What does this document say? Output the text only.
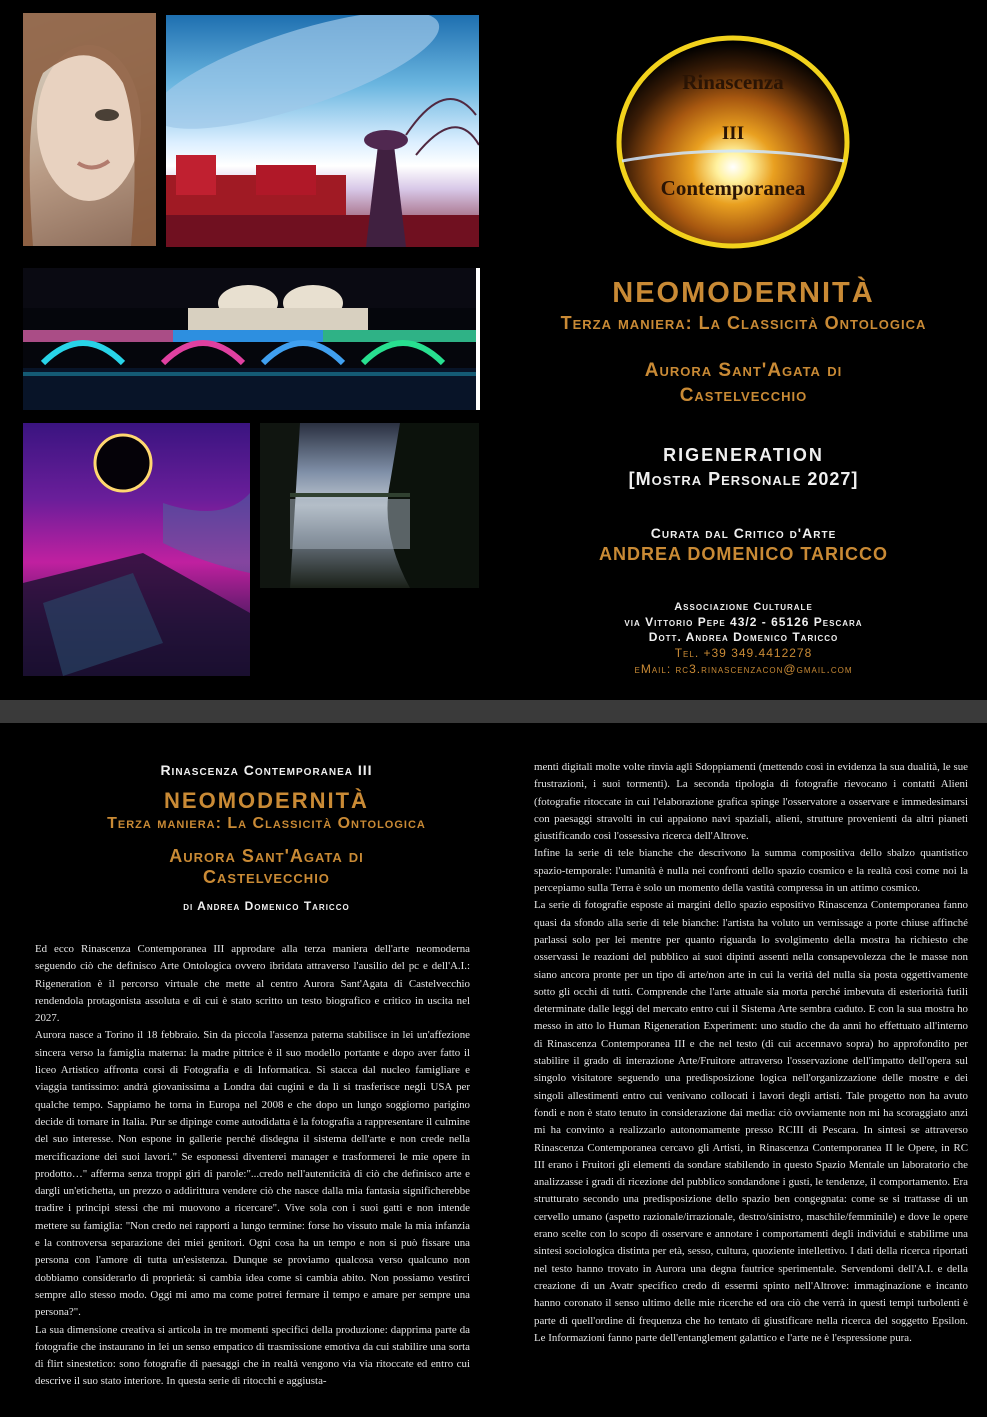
Rinascenza
III
Contemporanea
NEOMODERNITÀ
Terza maniera: La Classicità Ontologica
Aurora Sant'Agata di
Castelvecchio
RIGENERATION
[Mostra Personale 2027]
Curata dal Critico d'Arte
ANDREA DOMENICO TARICCO
Associazione Culturale
via Vittorio Pepe 43/2 - 65126 Pescara
Dott. Andrea Domenico Taricco
Tel. +39 349.4412278
eMail: rc3.rinascenzacon@gmail.com
Rinascenza Contemporanea III
NEOMODERNITÀ
Terza maniera: La Classicità Ontologica
Aurora Sant'Agata di
Castelvecchio
di Andrea Domenico Taricco

Ed ecco Rinascenza Contemporanea III approdare alla terza maniera dell'arte neomoderna seguendo ciò che definisco Arte Ontologica ovvero ibridata attraverso l'ausilio del pc e dell'A.I.: Rigeneration è il percorso virtuale che mette al centro Aurora Sant'Agata di Castelvecchio rendendola protagonista assoluta e di cui è stato scritto un testo biografico e critico in uscita nel 2027.

Aurora nasce a Torino il 18 febbraio. Sin da piccola l'assenza paterna stabilisce in lei un'affezione sincera verso la famiglia materna: la madre pittrice è il suo modello portante e dopo aver fatto il liceo Artistico affronta corsi di Fotografia e di Informatica. Si stacca dal nucleo famigliare e viaggia tantissimo: andrà giovanissima a Londra dai cugini e da lì si trasferisce negli USA per qualche tempo. Sappiamo he torna in Europa nel 2008 e che dopo un lungo soggiorno parigino decide di tornare in Italia. Pur se dipinge come autodidatta è la fotografia a rappresentare il culmine del suo interesse. Non espone in gallerie perché disdegna il sistema dell'arte e non crede nella mercificazione dei suoi lavori." Se esponessi diventerei manager e trasformerei le mie opere in prodotto…" afferma senza troppi giri di parole:"...credo nell'autenticità di ciò che definisco arte e dargli un'etichetta, un prezzo o addirittura vendere ciò che nasce dalla mia fantasia significherebbe tradire i principi stessi che mi muovono a ricercare". Vive sola con i suoi gatti e non intende mettere su famiglia: "Non credo nei rapporti a lungo termine: forse ho vissuto male la mia infanzia e la controversa separazione dei miei genitori. Ogni cosa ha un tempo e non si può fissare una persona con l'amore di tutta un'esistenza. Dunque se proviamo qualcosa verso qualcuno non dobbiamo considerarlo di proprietà: si cambia idea come si cambia abito. Non possiamo vestirci sempre allo stesso modo. Oggi mi amo ma come potrei fermare il tempo e amare per sempre una persona?".

La sua dimensione creativa si articola in tre momenti specifici della produzione: dapprima parte da fotografie che instaurano in lei un senso empatico di trasmissione emotiva da cui stabilire una sorta di flirt sinestetico: sono fotografie di paesaggi che in realtà vengono via via ritoccate ed entro cui descrive il suo stato interiore. In questa serie di ritocchi e aggiusta-

menti digitali molte volte rinvia agli Sdoppiamenti (mettendo così in evidenza la sua dualità, le sue frustrazioni, i suoi tormenti). La seconda tipologia di fotografie rievocano i contatti Alieni (fotografie ritoccate in cui l'elaborazione grafica spinge l'osservatore a osservare e immedesimarsi con paesaggi stravolti in cui appaiono navi spaziali, alieni, strutture provenienti da altri pianeti giustificando così l'ossessiva ricerca dell'Altrove.

Infine la serie di tele bianche che descrivono la summa compositiva dello sbalzo quantistico spazio-temporale: l'umanità è nulla nei confronti dello spazio cosmico e la realtà così come noi la percepiamo sulla Terra è solo un momento della vastità compressa in un attimo cosmico.

La serie di fotografie esposte ai margini dello spazio espositivo Rinascenza Contemporanea fanno quasi da sfondo alla serie di tele bianche: l'artista ha voluto un vernissage a porte chiuse affinché parlassi solo per lei mentre per quanto riguarda lo svolgimento della mostra ha richiesto che osservassi le reazioni del pubblico ai suoi dipinti assenti nella consapevolezza che le masse non siano ancora pronte per un tipo di arte/non arte in cui la verità del nulla sia posta oggettivamente sotto gli occhi di tutti. Comprende che l'arte attuale sia morta perché imbevuta di esteriorità futili determinate dalle leggi del mercato entro cui il Sistema Arte sembra caduto. E con la sua mostra ho messo in atto lo Human Rigeneration Experiment: uno studio che da anni ho effettuato all'interno di Rinascenza Contemporanea III e che nel testo (di cui accennavo sopra) ho approfondito per stabilire il grado di interazione Arte/Fruitore attraverso l'osservazione dell'impatto dell'opera sul singolo visitatore seguendo una predisposizione logica nell'organizzazione delle mostre e dei singoli allestimenti entro cui venivano collocati i lavori degli artisti. Tale progetto non ha avuto fondi e non è stato tenuto in considerazione dai media: ciò ovviamente non mi ha scoraggiato anzi mi ha convinto a realizzarlo autonomamente presso RCIII di Pescara. In sintesi se attraverso Rinascenza Contemporanea cercavo gli Artisti, in Rinascenza Contemporanea II le Opere, in RC III erano i Fruitori gli elementi da sondare stabilendo in questo Spazio Mentale un laboratorio che analizzasse i gradi di ricezione del pubblico sondandone i gusti, le tendenze, il comportamento. Era strutturato secondo una predisposizione dello spazio ben congegnata: come se si trattasse di un cervello umano (aspetto razionale/irrazionale, destro/sinistro, maschile/femminile) e dove le opere erano scelte con lo scopo di osservare e annotare i comportamenti degli individui e stabilirne una sintesi sociologica distinta per età, sesso, cultura, quoziente intellettivo. I dati della ricerca riportati nel testo hanno trovato in Aurora una degna fautrice sperimentale. Servendomi dell'A.I. e della creazione di un Avatr specifico credo di essermi spinto nell'Altrove: immaginazione e incanto hanno coronato il senso ultimo delle mie ricerche ed ora ciò che verrà in questi tempi turbolenti è parte di quell'ordine di frequenza che ho tentato di giustificare nella ricerca del soggetto Epsilon. Le Informazioni fanno parte dell'entanglement galattico e l'arte ne è l'espressione pura.
